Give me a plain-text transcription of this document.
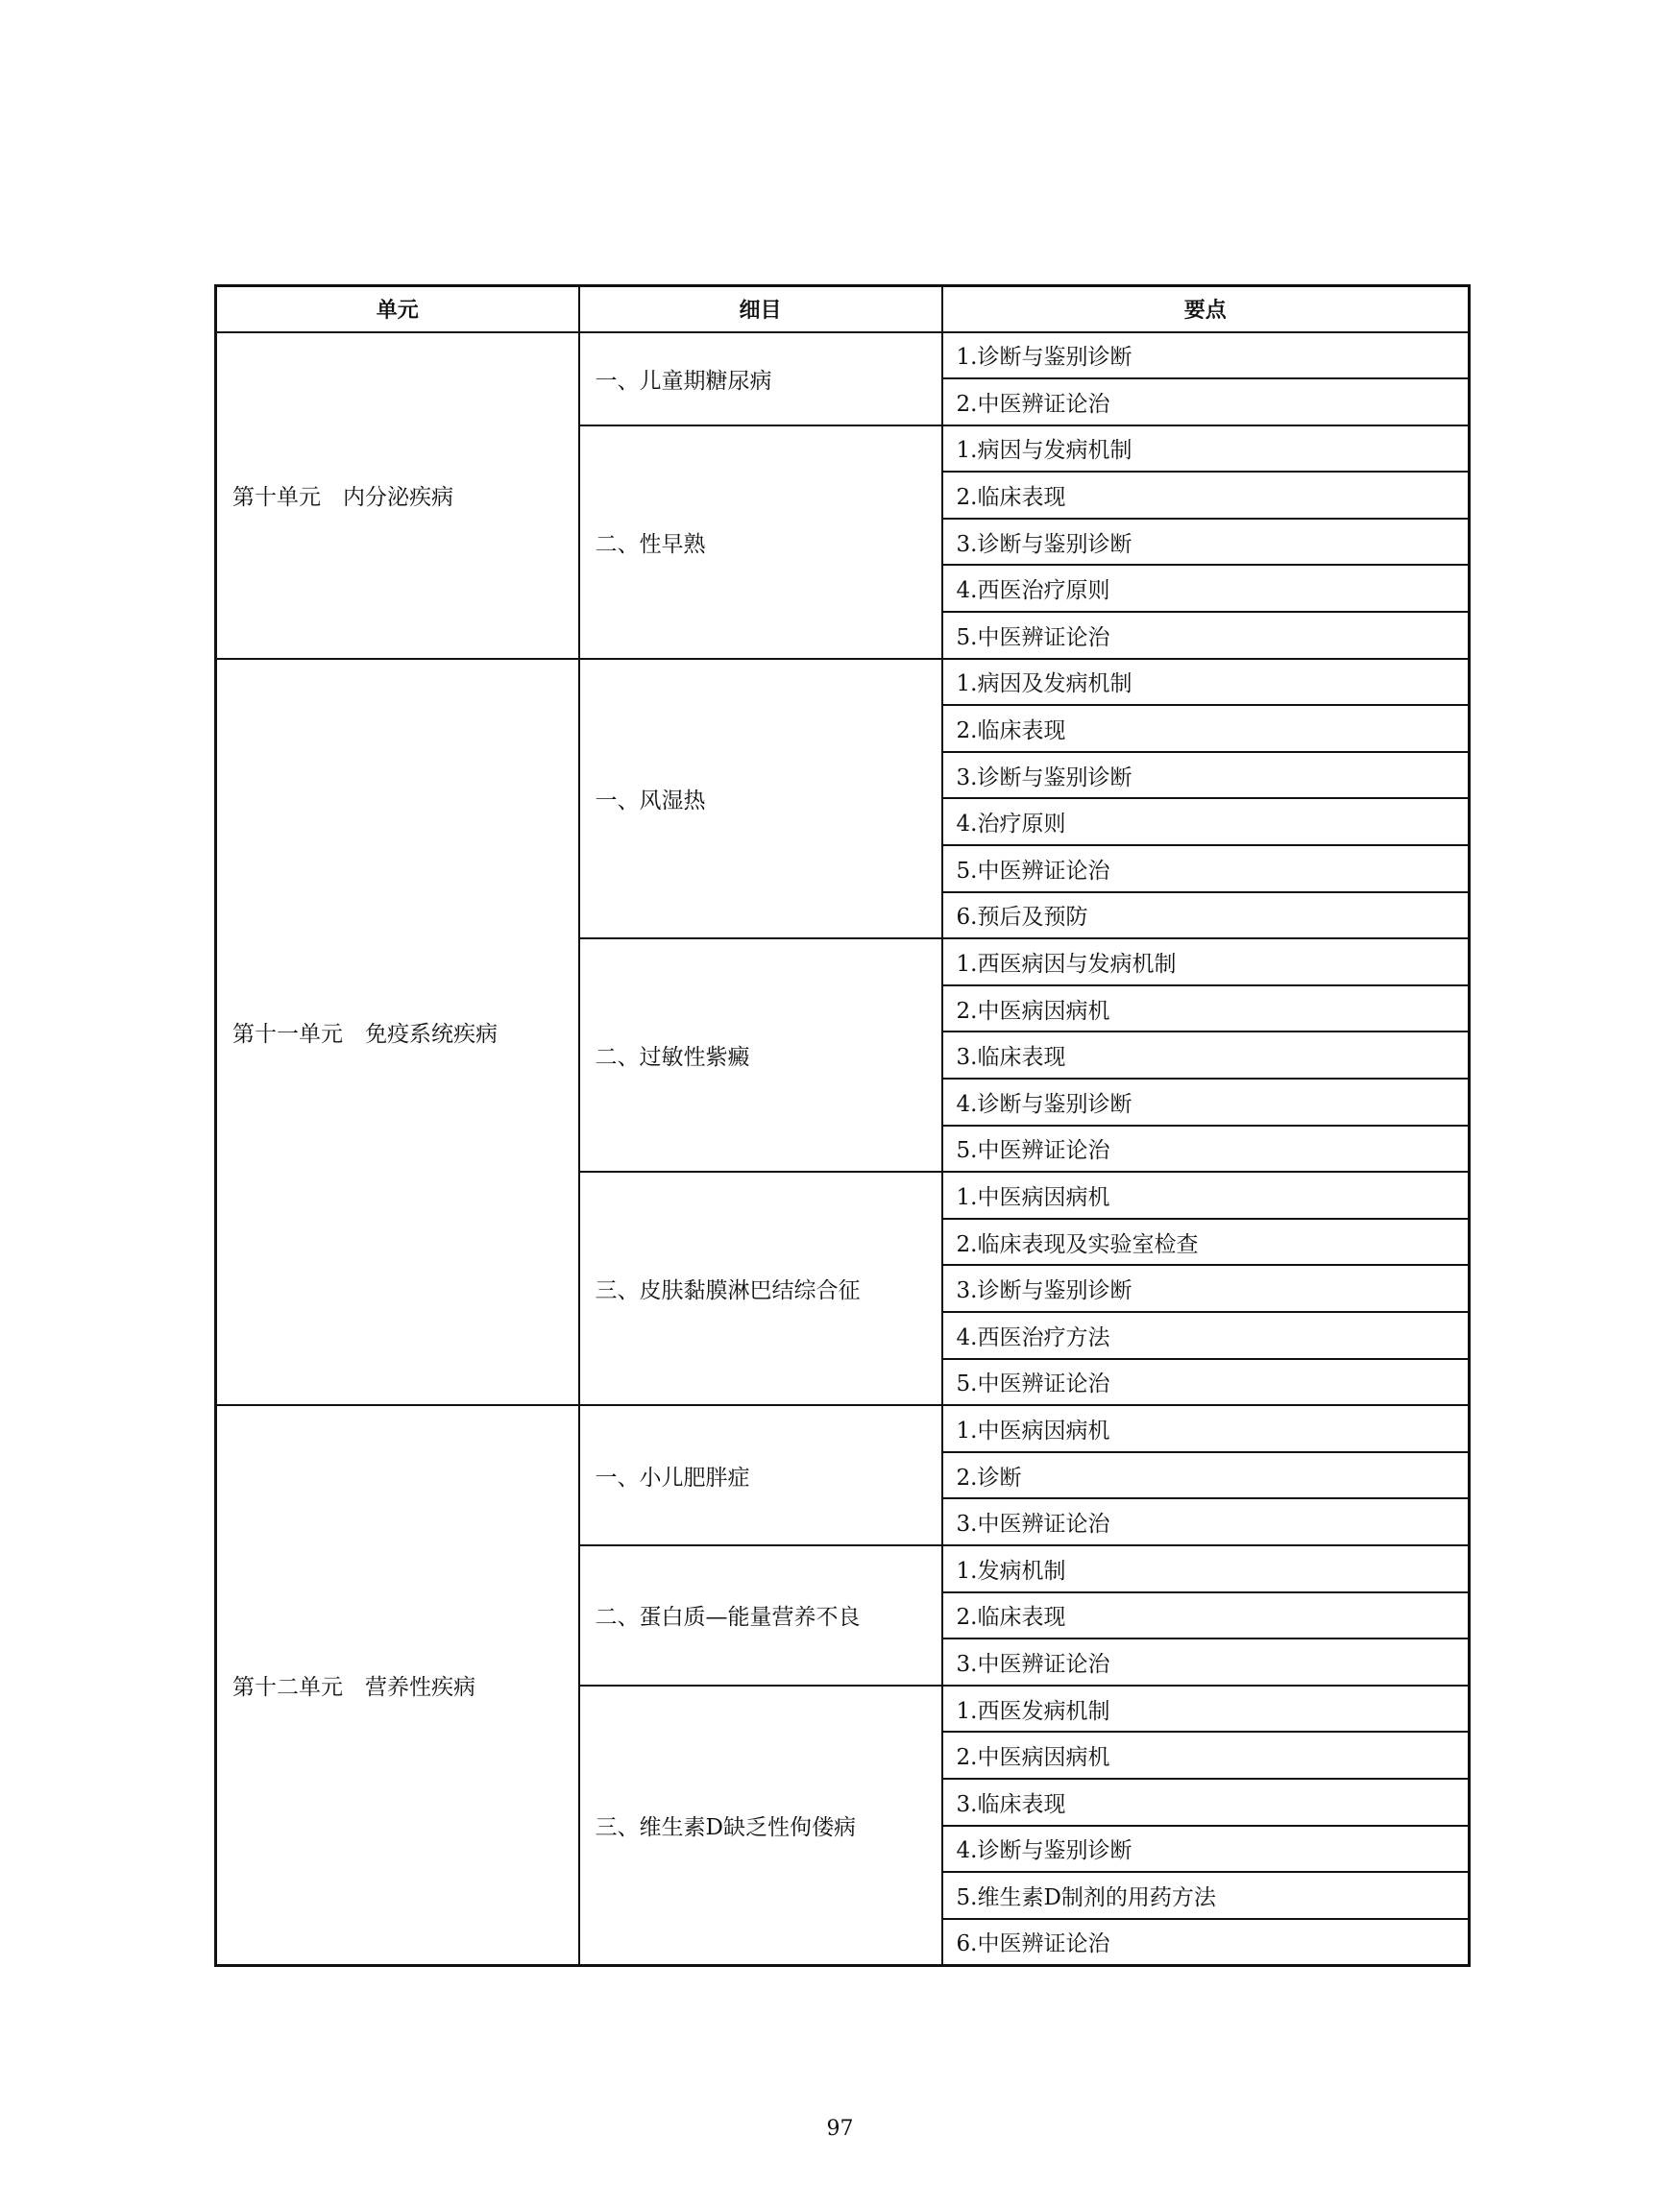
单元	细目	要点
第十单元　内分泌疾病	一、儿童期糖尿病	1.诊断与鉴别诊断
		2.中医辨证论治
	二、性早熟	1.病因与发病机制
		2.临床表现
		3.诊断与鉴别诊断
		4.西医治疗原则
		5.中医辨证论治
第十一单元　免疫系统疾病	一、风湿热	1.病因及发病机制
		2.临床表现
		3.诊断与鉴别诊断
		4.治疗原则
		5.中医辨证论治
		6.预后及预防
	二、过敏性紫癜	1.西医病因与发病机制
		2.中医病因病机
		3.临床表现
		4.诊断与鉴别诊断
		5.中医辨证论治
	三、皮肤黏膜淋巴结综合征	1.中医病因病机
		2.临床表现及实验室检查
		3.诊断与鉴别诊断
		4.西医治疗方法
		5.中医辨证论治
第十二单元　营养性疾病	一、小儿肥胖症	1.中医病因病机
		2.诊断
		3.中医辨证论治
	二、蛋白质—能量营养不良	1.发病机制
		2.临床表现
		3.中医辨证论治
	三、维生素D缺乏性佝偻病	1.西医发病机制
		2.中医病因病机
		3.临床表现
		4.诊断与鉴别诊断
		5.维生素D制剂的用药方法
		6.中医辨证论治
97
